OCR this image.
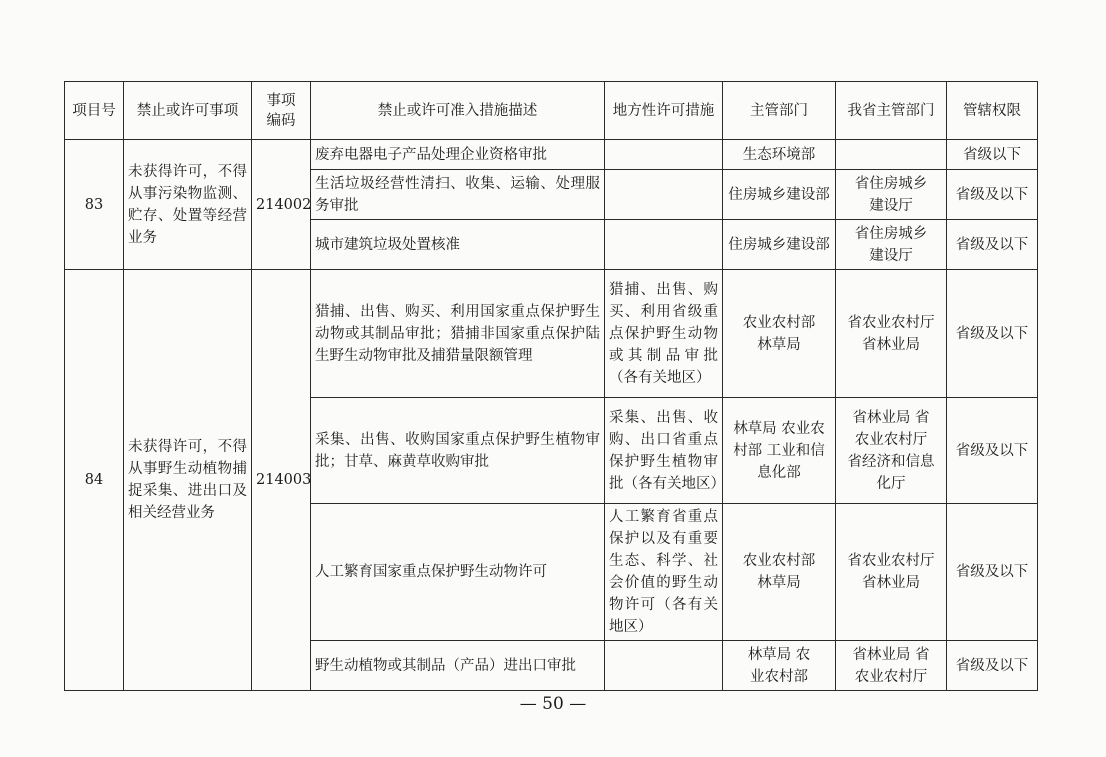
项目号	禁止或许可事项	事项编码	禁止或许可准入措施描述	地方性许可措施	主管部门	我省主管部门	管辖权限
83	未获得许可，不得从事污染物监测、贮存、处置等经营业务	214002	废弃电器电子产品处理企业资格审批		生态环境部		省级以下
			生活垃圾经营性清扫、收集、运输、处理服务审批		住房城乡建设部	省住房城乡建设厅	省级及以下
			城市建筑垃圾处置核准		住房城乡建设部	省住房城乡建设厅	省级及以下
84	未获得许可，不得从事野生动植物捕捉采集、进出口及相关经营业务	214003	猎捕、出售、购买、利用国家重点保护野生动物或其制品审批；猎捕非国家重点保护陆生野生动物审批及捕猎量限额管理	猎捕、出售、购买、利用省级重点保护野生动物或其制品审批（各有关地区）	农业农村部 林草局	省农业农村厅 省林业局	省级及以下
			采集、出售、收购国家重点保护野生植物审批；甘草、麻黄草收购审批	采集、出售、收购、出口省重点保护野生植物审批（各有关地区）	林草局 农业农村部 工业和信息化部	省林业局 省农业农村厅 省经济和信息化厅	省级及以下
			人工繁育国家重点保护野生动物许可	人工繁育省重点保护以及有重要生态、科学、社会价值的野生动物许可（各有关地区）	农业农村部 林草局	省农业农村厅 省林业局	省级及以下
			野生动植物或其制品（产品）进出口审批		林草局 农业农村部	省林业局 省农业农村厅	省级及以下
— 50 —
